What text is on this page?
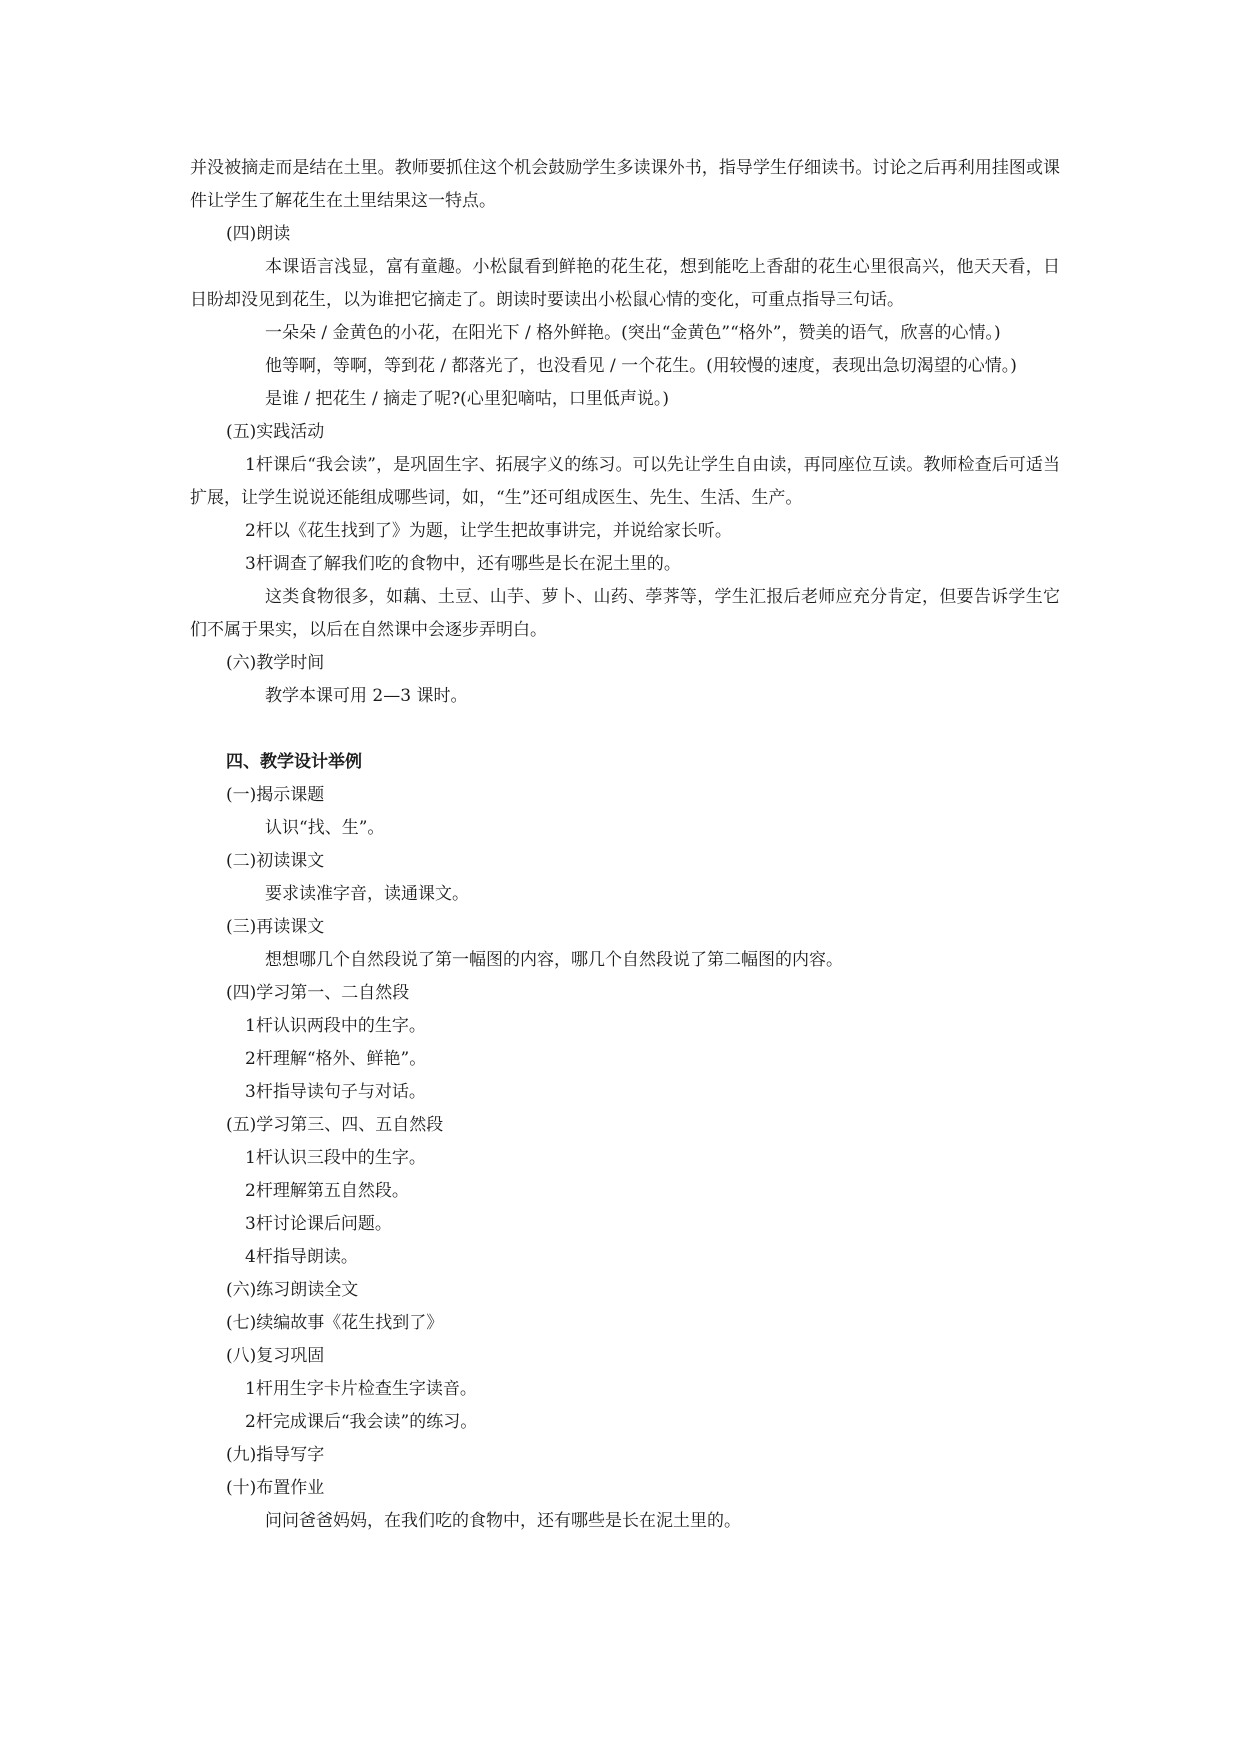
并没被摘走而是结在土里。教师要抓住这个机会鼓励学生多读课外书，指导学生仔细读书。讨论之后再利用挂图或课件让学生了解花生在土里结果这一特点。

(四)朗读

本课语言浅显，富有童趣。小松鼠看到鲜艳的花生花，想到能吃上香甜的花生心里很高兴，他天天看，日日盼却没见到花生，以为谁把它摘走了。朗读时要读出小松鼠心情的变化，可重点指导三句话。

一朵朵 / 金黄色的小花，在阳光下 / 格外鲜艳。(突出“金黄色”“格外”，赞美的语气，欣喜的心情。)

他等啊，等啊，等到花 / 都落光了，也没看见 / 一个花生。(用较慢的速度，表现出急切渴望的心情。)

是谁 / 把花生 / 摘走了呢?(心里犯嘀咕，口里低声说。)

(五)实践活动

1杆课后“我会读”，是巩固生字、拓展字义的练习。可以先让学生自由读，再同座位互读。教师检查后可适当扩展，让学生说说还能组成哪些词，如，“生”还可组成医生、先生、生活、生产。

2杆以《花生找到了》为题，让学生把故事讲完，并说给家长听。

3杆调查了解我们吃的食物中，还有哪些是长在泥土里的。

这类食物很多，如藕、土豆、山芋、萝卜、山药、荸荠等，学生汇报后老师应充分肯定，但要告诉学生它们不属于果实，以后在自然课中会逐步弄明白。

(六)教学时间

教学本课可用 2—3 课时。

四、教学设计举例

(一)揭示课题

认识“找、生”。

(二)初读课文

要求读准字音，读通课文。

(三)再读课文

想想哪几个自然段说了第一幅图的内容，哪几个自然段说了第二幅图的内容。

(四)学习第一、二自然段

1杆认识两段中的生字。

2杆理解“格外、鲜艳”。

3杆指导读句子与对话。

(五)学习第三、四、五自然段

1杆认识三段中的生字。

2杆理解第五自然段。

3杆讨论课后问题。

4杆指导朗读。

(六)练习朗读全文

(七)续编故事《花生找到了》

(八)复习巩固

1杆用生字卡片检查生字读音。

2杆完成课后“我会读”的练习。

(九)指导写字

(十)布置作业

问问爸爸妈妈，在我们吃的食物中，还有哪些是长在泥土里的。
